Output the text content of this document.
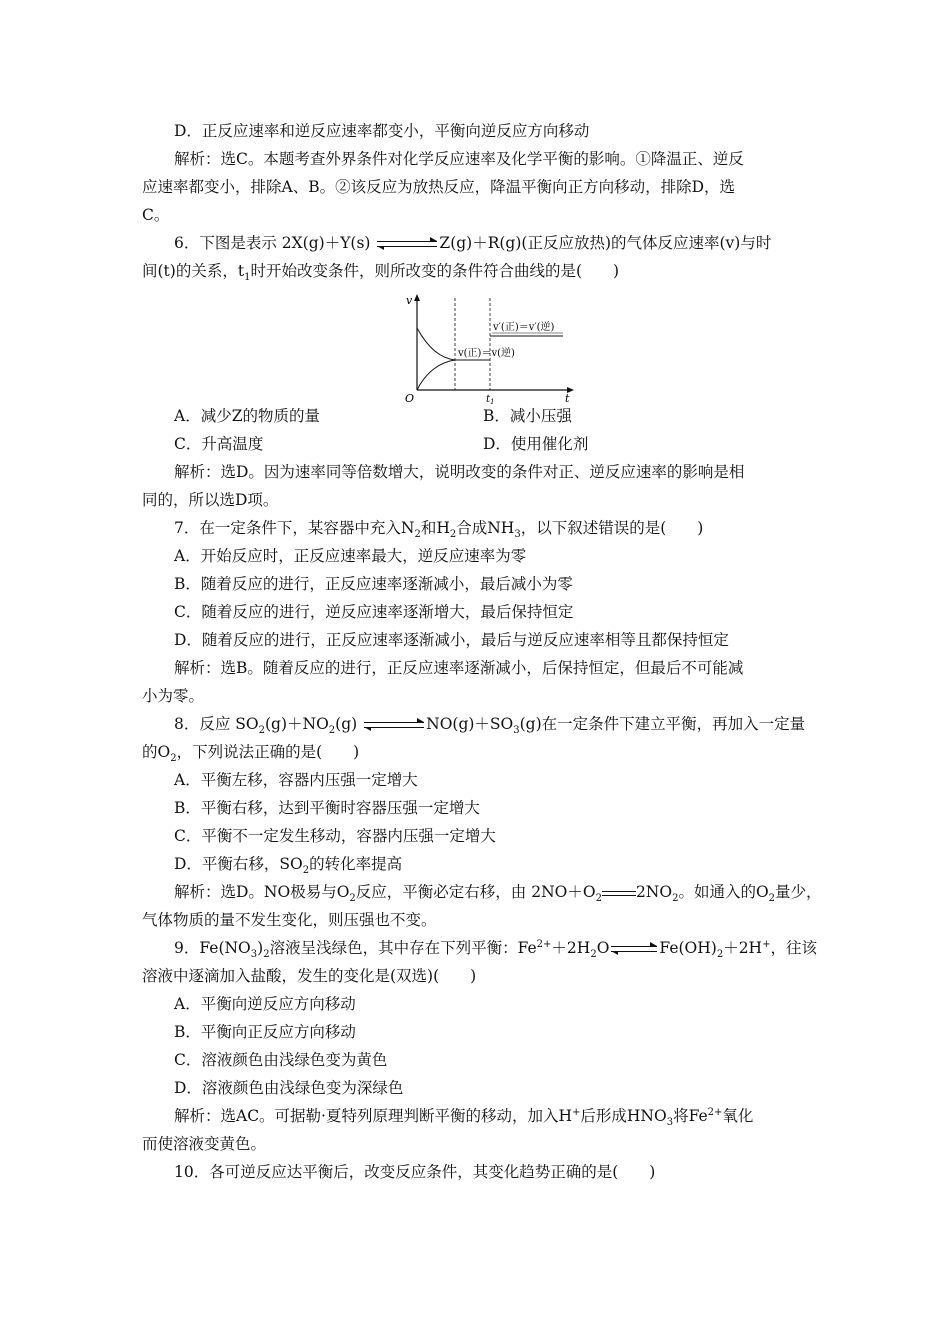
D．正反应速率和逆反应速率都变小，平衡向逆反应方向移动
解析：选C。本题考查外界条件对化学反应速率及化学平衡的影响。①降温正、逆反
应速率都变小，排除A、B。②该反应为放热反应，降温平衡向正方向移动，排除D，选
C。
6．下图是表示 2X(g)＋Y(s)	Z(g)＋R(g)(正反应放热)的气体反应速率(v)与时
间(t)的关系，$t_1$时开始改变条件，则所改变的条件符合曲线的是(　　)
v
t
O	$t_1$
v′(正)＝v′(逆)
v(正)＝v(逆)
A．减少Z的物质的量	B．减小压强
C．升高温度	D．使用催化剂
解析：选D。因为速率同等倍数增大，说明改变的条件对正、逆反应速率的影响是相
同的，所以选D项。
7．在一定条件下，某容器中充入$N_2$和$H_2$合成$NH_3$，以下叙述错误的是(　　)
A．开始反应时，正反应速率最大，逆反应速率为零
B．随着反应的进行，正反应速率逐渐减小，最后减小为零
C．随着反应的进行，逆反应速率逐渐增大，最后保持恒定
D．随着反应的进行，正反应速率逐渐减小，最后与逆反应速率相等且都保持恒定
解析：选B。随着反应的进行，正反应速率逐渐减小，后保持恒定，但最后不可能减
小为零。
8．反应 $SO_2(g)+NO_2(g)$	$NO(g)+SO_3(g)$在一定条件下建立平衡，再加入一定量
的$O_2$，下列说法正确的是(　　)
A．平衡左移，容器内压强一定增大
B．平衡右移，达到平衡时容器压强一定增大
C．平衡不一定发生移动，容器内压强一定增大
D．平衡右移，$SO_2$的转化率提高
解析：选D。NO极易与$O_2$反应，平衡必定右移，由 $2NO+O_2$ $2NO_2$。如通入的$O_2$量少，
气体物质的量不发生变化，则压强也不变。
9．$Fe(NO_3)_2$溶液呈浅绿色，其中存在下列平衡：$Fe^{2+}+2H_2O$	$Fe(OH)_2+2H^+$，往该
溶液中逐滴加入盐酸，发生的变化是(双选)(　　)
A．平衡向逆反应方向移动
B．平衡向正反应方向移动
C．溶液颜色由浅绿色变为黄色
D．溶液颜色由浅绿色变为深绿色
解析：选AC。可据勒·夏特列原理判断平衡的移动，加入H+后形成$HNO_3$将$Fe^{2+}$氧化
而使溶液变黄色。
10．各可逆反应达平衡后，改变反应条件，其变化趋势正确的是(　　)
